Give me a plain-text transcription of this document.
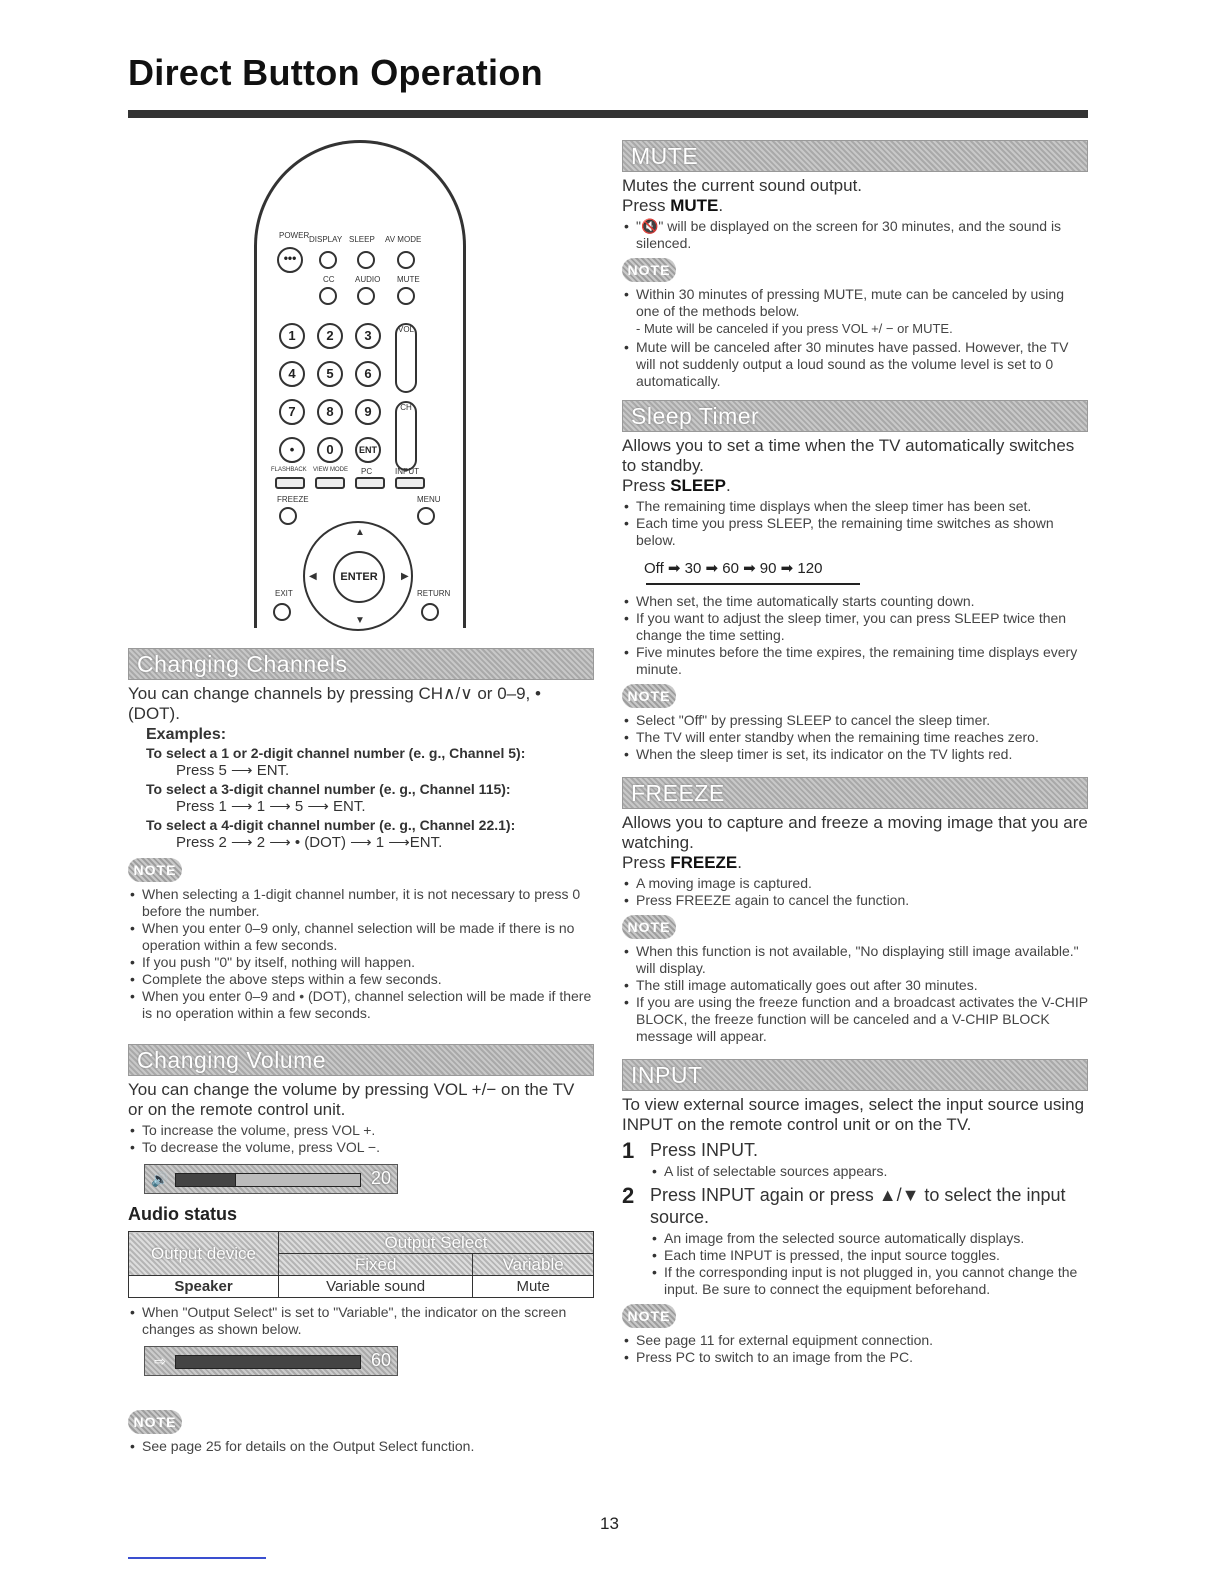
Direct Button Operation
POWER DISPLAY SLEEP AV MODE
•••
CC	AUDIO MUTE
1	2	3
4	5	6
7	8	9
•	0	ENT
VOL
CH
FLASHBACK VIEW MODE PC	INPUT
FREEZE	MENU
▲
▼
◀	▶
ENTER
EXIT	RETURN
Changing Channels

You can change channels by pressing CH∧/∨ or 0–9, • (DOT).

Examples:

To select a 1 or 2-digit channel number (e. g., Channel 5):

Press 5 ⟶ ENT.

To select a 3-digit channel number (e. g., Channel 115):

Press 1 ⟶ 1 ⟶ 5 ⟶ ENT.

To select a 4-digit channel number (e. g., Channel 22.1):

Press 2 ⟶ 2 ⟶ • (DOT) ⟶ 1 ⟶ENT.

NOTE
• When selecting a 1-digit channel number, it is not necessary to press 0 before the number.
• When you enter 0–9 only, channel selection will be made if there is no operation within a few seconds.
• If you push "0" by itself, nothing will happen.
• Complete the above steps within a few seconds.
• When you enter 0–9 and • (DOT), channel selection will be made if there is no operation within a few seconds.
Changing Volume

You can change the volume by pressing VOL +/− on the TV or on the remote control unit.

• To increase the volume, press VOL +.
• To decrease the volume, press VOL −.
🔊	20

Audio status

Output device	Output Select	
	Fixed	Variable
Speaker	Variable sound	Mute
• When "Output Select" is set to "Variable", the indicator on the screen changes as shown below.
⇨	60
NOTE
• See page 25 for details on the Output Select function.
MUTE

Mutes the current sound output.

Press MUTE.

• "🔇" will be displayed on the screen for 30 minutes, and the sound is silenced.
NOTE
• Within 30 minutes of pressing MUTE, mute can be canceled by using one of the methods below.

- Mute will be canceled if you press VOL +/ − or MUTE.

• Mute will be canceled after 30 minutes have passed. However, the TV will not suddenly output a loud sound as the volume level is set to 0 automatically.
Sleep Timer

Allows you to set a time when the TV automatically switches to standby.

Press SLEEP.

• The remaining time displays when the sleep timer has been set.
• Each time you press SLEEP, the remaining time switches as shown below.
Off ➡ 30 ➡ 60 ➡ 90 ➡ 120
• When set, the time automatically starts counting down.
• If you want to adjust the sleep timer, you can press SLEEP twice then change the time setting.
• Five minutes before the time expires, the remaining time displays every minute.
NOTE
• Select "Off" by pressing SLEEP to cancel the sleep timer.
• The TV will enter standby when the remaining time reaches zero.
• When the sleep timer is set, its indicator on the TV lights red.
FREEZE

Allows you to capture and freeze a moving image that you are watching.

Press FREEZE.

• A moving image is captured.
• Press FREEZE again to cancel the function.
NOTE
• When this function is not available, "No displaying still image available." will display.
• The still image automatically goes out after 30 minutes.
• If you are using the freeze function and a broadcast activates the V-CHIP BLOCK, the freeze function will be canceled and a V-CHIP BLOCK message will appear.
INPUT

To view external source images, select the input source using INPUT on the remote control unit or on the TV.

1 Press INPUT.

• A list of selectable sources appears.
2 Press INPUT again or press ▲/▼ to select the input source.

• An image from the selected source automatically displays.
• Each time INPUT is pressed, the input source toggles.
• If the corresponding input is not plugged in, you cannot change the input. Be sure to connect the equipment beforehand.
NOTE
• See page 11 for external equipment connection.
• Press PC to switch to an image from the PC.
13
